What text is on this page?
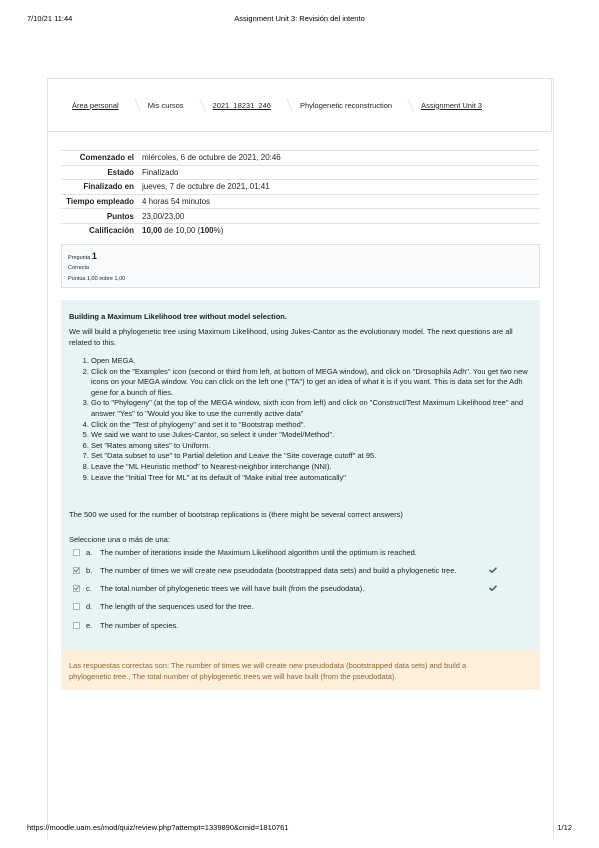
7/10/21 11:44	Assignment Unit 3: Revisión del intento
Área personal	Mis cursos	2021_18231_246	Phylogenetic reconstruction	Assignment Unit 3
Comenzado el	miércoles, 6 de octubre de 2021, 20:46
Estado	Finalizado
Finalizado en	jueves, 7 de octubre de 2021, 01:41
Tiempo empleado	4 horas 54 minutos
Puntos	23,00/23,00
Calificación	10,00 de 10,00 (100%)
Pregunta 1
Correcta
Puntúa 1,00 sobre 1,00
Building a Maximum Likelihood tree without model selection.
We will build a phylogenetic tree using Maximum Likelihood, using Jukes-Cantor as the evolutionary model. The next questions are all related to this.
1. Open MEGA.
2. Click on the "Examples" icon (second or third from left, at bottom of MEGA window), and click on "Drosophila Adh". You get two new icons on your MEGA window. You can click on the left one ("TA") to get an idea of what it is if you want. This is data set for the Adh gene for a bunch of flies.
3. Go to "Phylogeny" (at the top of the MEGA window, sixth icon from left) and click on "Construct/Test Maximum Likelihood tree" and answer "Yes" to "Would you like to use the currently active data"
4. Click on the "Test of phylogeny" and set it to "Bootstrap method".
5. We said we want to use Jukes-Cantor, so select it under "Model/Method".
6. Set "Rates among sites" to Uniform.
7. Set "Data subset to use" to Partial deletion and Leave the "Site coverage cutoff" at 95.
8. Leave the "ML Heuristic method" to Nearest-neighbor interchange (NNI).
9. Leave the "Initial Tree for ML" at its default of "Make initial tree automatically"
The 500 we used for the number of bootstrap replications is (there might be several correct answers)
Seleccione una o más de una:
a.	The number of iterations inside the Maximum Likelihood algorithm until the optimum is reached.
b.	The number of times we will create new pseudodata (bootstrapped data sets) and build a phylogenetic tree.
c.	The total number of phylogenetic trees we will have built (from the pseudodata).
d.	The length of the sequences used for the tree.
e.	The number of species.
Las respuestas correctas son: The number of times we will create new pseudodata (bootstrapped data sets) and build a phylogenetic tree., The total number of phylogenetic trees we will have built (from the pseudodata).
https://moodle.uam.es/mod/quiz/review.php?attempt=1339890&cmid=1810761	1/12
